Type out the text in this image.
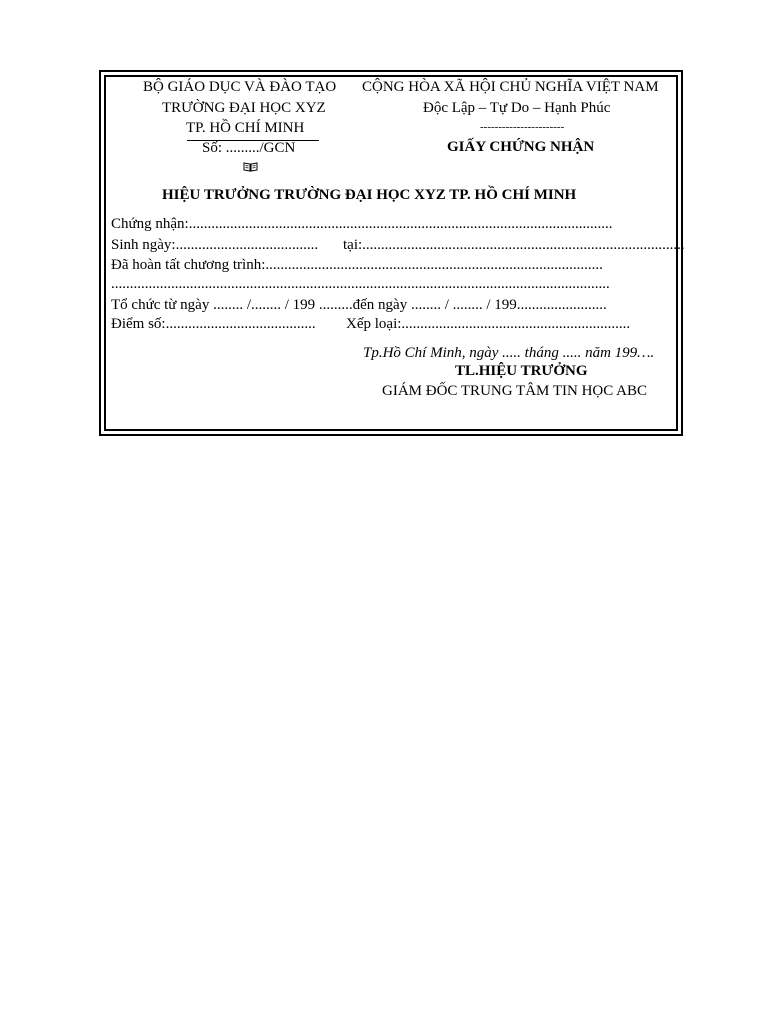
BỘ GIÁO DỤC VÀ ĐÀO TẠO
TRƯỜNG ĐẠI HỌC XYZ
TP. HỒ CHÍ MINH
Số: ........./GCN
CỘNG HÒA XÃ HỘI CHỦ NGHĨA VIỆT NAM
Độc Lập – Tự Do – Hạnh Phúc
-----------------------
GIẤY CHỨNG NHẬN
HIỆU TRƯỞNG TRƯỜNG ĐẠI HỌC XYZ TP. HỒ CHÍ MINH
Chứng nhận:.................................................................................................................
Sinh ngày:...................................... tại:......................................................................................
Đã hoàn tất chương trình:..........................................................................................
.....................................................................................................................................
Tổ chức từ ngày ........ /........ / 199 .........đến ngày ........ / ........ / 199........................
Điểm số:........................................ Xếp loại:.............................................................
Tp.Hồ Chí Minh, ngày ..... tháng ..... năm 199….
TL.HIỆU TRƯỞNG
GIÁM ĐỐC TRUNG TÂM TIN HỌC ABC
